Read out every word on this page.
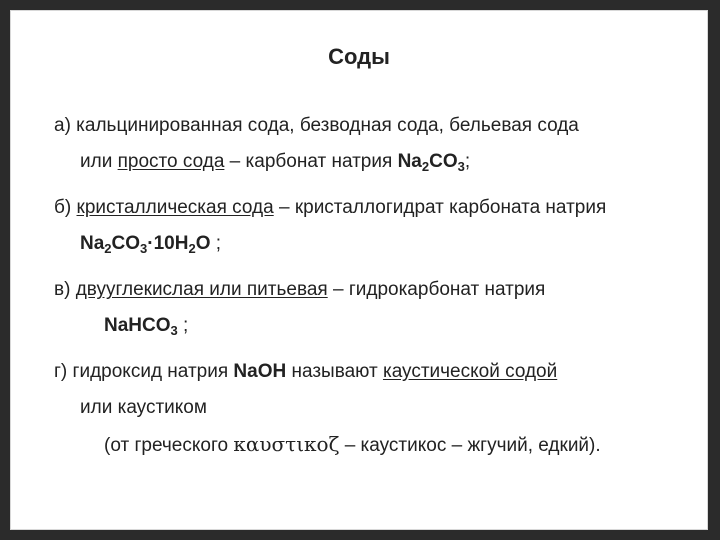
Соды
а) кальцинированная сода, безводная сода, бельевая сода
или просто сода – карбонат натрия $Na_2CO_3$;
б) кристаллическая сода – кристаллогидрат карбоната натрия
$Na_2CO_3\cdot 10H_2O$ ;
в) двууглекислая или питьевая – гидрокарбонат натрия
NaHCO$_3$ ;
г) гидроксид натрия NaOH называют каустической содой
или каустиком
(от греческого καυστικοζ – каустикос – жгучий, едкий).
